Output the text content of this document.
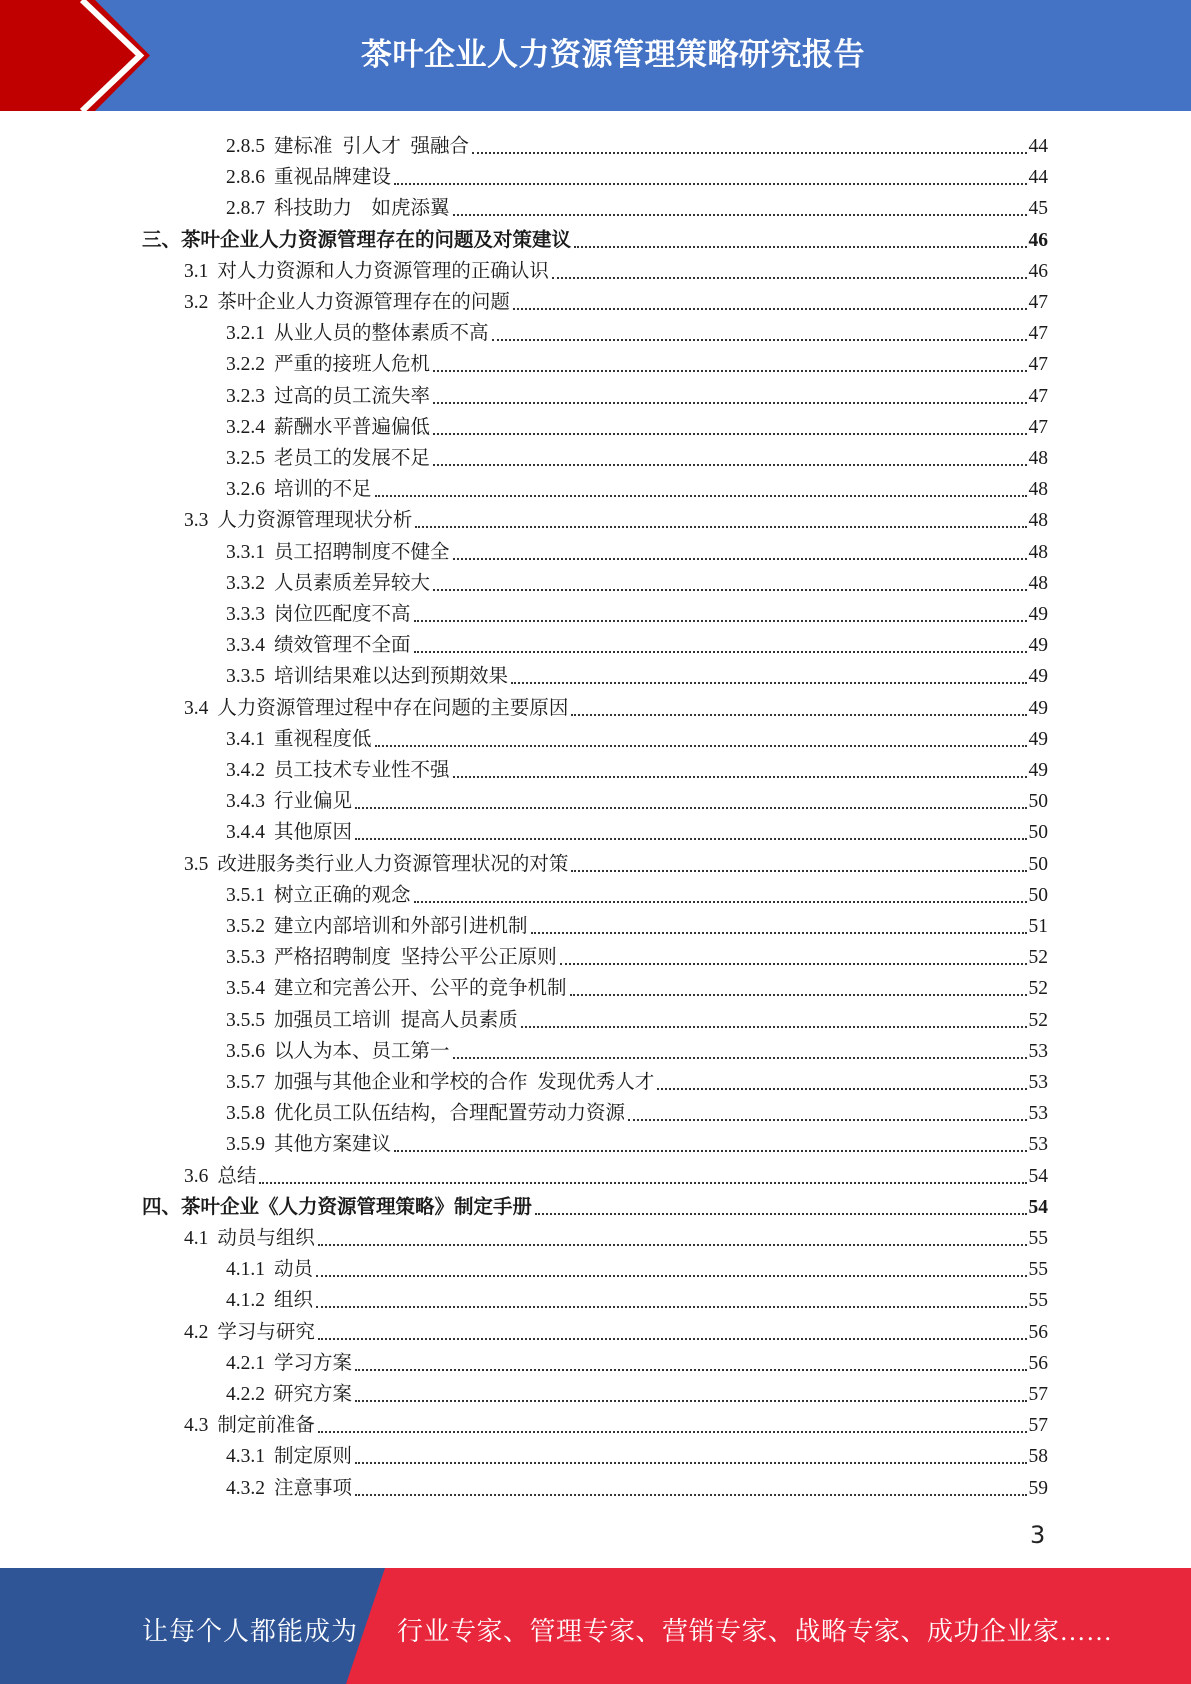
茶叶企业人力资源管理策略研究报告
2.8.5 建标准  引人才  强融合	44
2.8.6 重视品牌建设	44
2.8.7 科技助力    如虎添翼	45
三、茶叶企业人力资源管理存在的问题及对策建议	46
3.1 对人力资源和人力资源管理的正确认识	46
3.2 茶叶企业人力资源管理存在的问题	47
3.2.1 从业人员的整体素质不高	47
3.2.2 严重的接班人危机	47
3.2.3 过高的员工流失率	47
3.2.4 薪酬水平普遍偏低	47
3.2.5 老员工的发展不足	48
3.2.6 培训的不足	48
3.3 人力资源管理现状分析	48
3.3.1 员工招聘制度不健全	48
3.3.2 人员素质差异较大	48
3.3.3 岗位匹配度不高	49
3.3.4 绩效管理不全面	49
3.3.5 培训结果难以达到预期效果	49
3.4 人力资源管理过程中存在问题的主要原因	49
3.4.1 重视程度低	49
3.4.2 员工技术专业性不强	49
3.4.3 行业偏见	50
3.4.4 其他原因	50
3.5 改进服务类行业人力资源管理状况的对策	50
3.5.1 树立正确的观念	50
3.5.2 建立内部培训和外部引进机制	51
3.5.3 严格招聘制度  坚持公平公正原则	52
3.5.4 建立和完善公开、公平的竞争机制	52
3.5.5 加强员工培训  提高人员素质	52
3.5.6 以人为本、员工第一	53
3.5.7 加强与其他企业和学校的合作  发现优秀人才	53
3.5.8 优化员工队伍结构，合理配置劳动力资源	53
3.5.9 其他方案建议	53
3.6 总结	54
四、茶叶企业《人力资源管理策略》制定手册	54
4.1 动员与组织	55
4.1.1 动员	55
4.1.2 组织	55
4.2 学习与研究	56
4.2.1 学习方案	56
4.2.2 研究方案	57
4.3 制定前准备	57
4.3.1 制定原则	58
4.3.2 注意事项	59
3
让每个人都能成为 行业专家、管理专家、营销专家、战略专家、成功企业家……
